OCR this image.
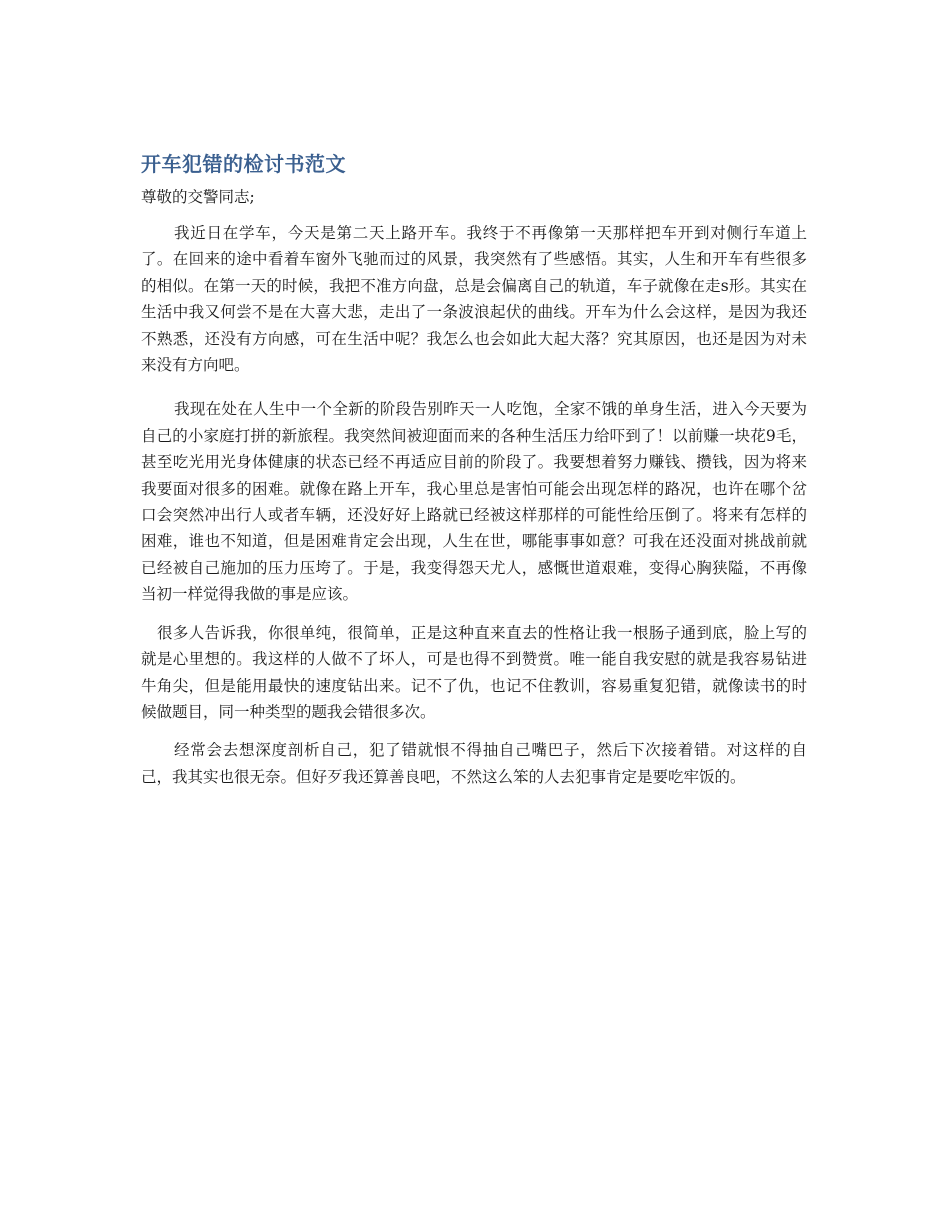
开车犯错的检讨书范文

尊敬的交警同志;

我近日在学车，今天是第二天上路开车。我终于不再像第一天那样把车开到对侧行车道上了。在回来的途中看着车窗外飞驰而过的风景，我突然有了些感悟。其实，人生和开车有些很多的相似。在第一天的时候，我把不准方向盘，总是会偏离自己的轨道，车子就像在走s形。其实在生活中我又何尝不是在大喜大悲，走出了一条波浪起伏的曲线。开车为什么会这样，是因为我还不熟悉，还没有方向感，可在生活中呢？我怎么也会如此大起大落？究其原因，也还是因为对未来没有方向吧。

我现在处在人生中一个全新的阶段告别昨天一人吃饱，全家不饿的单身生活，进入今天要为自己的小家庭打拼的新旅程。我突然间被迎面而来的各种生活压力给吓到了！以前赚一块花9毛，甚至吃光用光身体健康的状态已经不再适应目前的阶段了。我要想着努力赚钱、攒钱，因为将来我要面对很多的困难。就像在路上开车，我心里总是害怕可能会出现怎样的路况，也许在哪个岔口会突然冲出行人或者车辆，还没好好上路就已经被这样那样的可能性给压倒了。将来有怎样的困难，谁也不知道，但是困难肯定会出现，人生在世，哪能事事如意？可我在还没面对挑战前就已经被自己施加的压力压垮了。于是，我变得怨天尤人，感慨世道艰难，变得心胸狭隘，不再像当初一样觉得我做的事是应该。

很多人告诉我，你很单纯，很简单，正是这种直来直去的性格让我一根肠子通到底，脸上写的就是心里想的。我这样的人做不了坏人，可是也得不到赞赏。唯一能自我安慰的就是我容易钻进牛角尖，但是能用最快的速度钻出来。记不了仇，也记不住教训，容易重复犯错，就像读书的时候做题目，同一种类型的题我会错很多次。

经常会去想深度剖析自己，犯了错就恨不得抽自己嘴巴子，然后下次接着错。对这样的自己，我其实也很无奈。但好歹我还算善良吧，不然这么笨的人去犯事肯定是要吃牢饭的。
